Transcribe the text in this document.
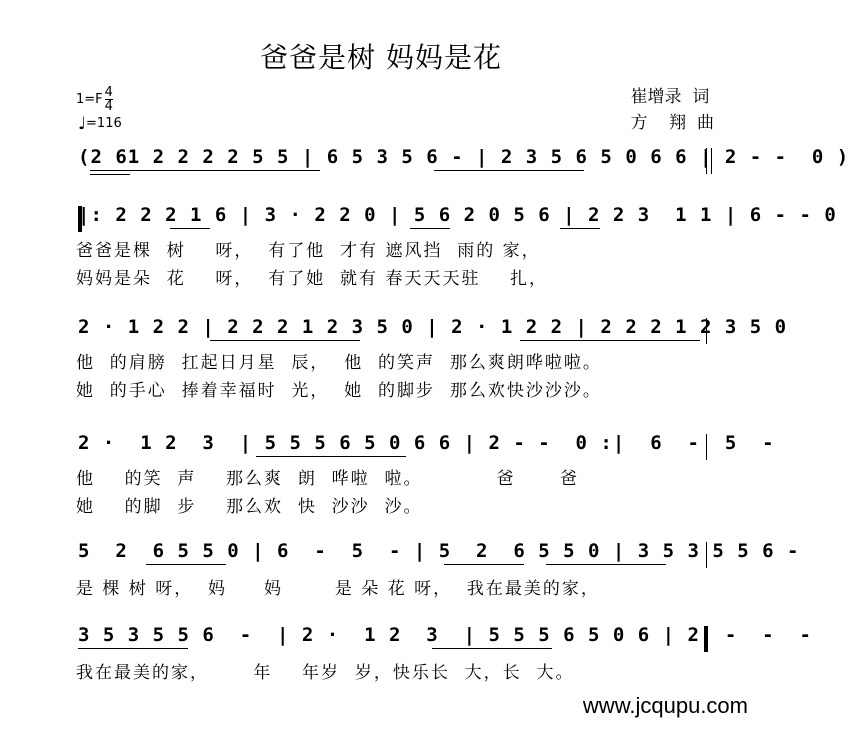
爸爸是树 妈妈是花
$1=F \frac{4}{4}$
♩=116
崔增录  词
方    翔  曲
(2 61 2 2 2 2 5 5 | 6 5 3 5 6 - | 2 3 5 6 5 0 6 6 | 2 - -  0 )
|: 2 2 2 1 6 | 3 · 2 2 0 | 5 6 2 0 5 6 | 2 2 3  1 1 | 6 - - 0
爸爸是棵  树    呀，  有了他  才有 遮风挡  雨的 家，
妈妈是朵  花    呀，  有了她  就有 春天天天驻    扎，
2 · 1 2 2 | 2 2 2 1 2 3 5 0 | 2 · 1 2 2 | 2 2 2 1 2 3 5 0
他  的肩膀  扛起日月星  辰，  他  的笑声  那么爽朗哗啦啦。
她  的手心  捧着幸福时  光，  她  的脚步  那么欢快沙沙沙。
2 ·  1 2  3  | 5 5 5 6 5 0 6 6 | 2 - -  0 :|  6  -  5  -
他    的笑  声    那么爽  朗  哗啦  啦。          爸      爸
她    的脚  步    那么欢  快  沙沙  沙。
5  2  6 5 5 0 | 6  -  5  - | 5  2  6 5 5 0 | 3 5 3 5 5 6 -
是 棵 树 呀，  妈     妈       是 朵 花 呀，  我在最美的家，
3 5 3 5 5 6  -  | 2 ·  1 2  3  | 5 5 5 6 5 0 6 | 2  -  -  -
我在最美的家，      年    年岁  岁，快乐长  大，长  大。
www.jcqupu.com
